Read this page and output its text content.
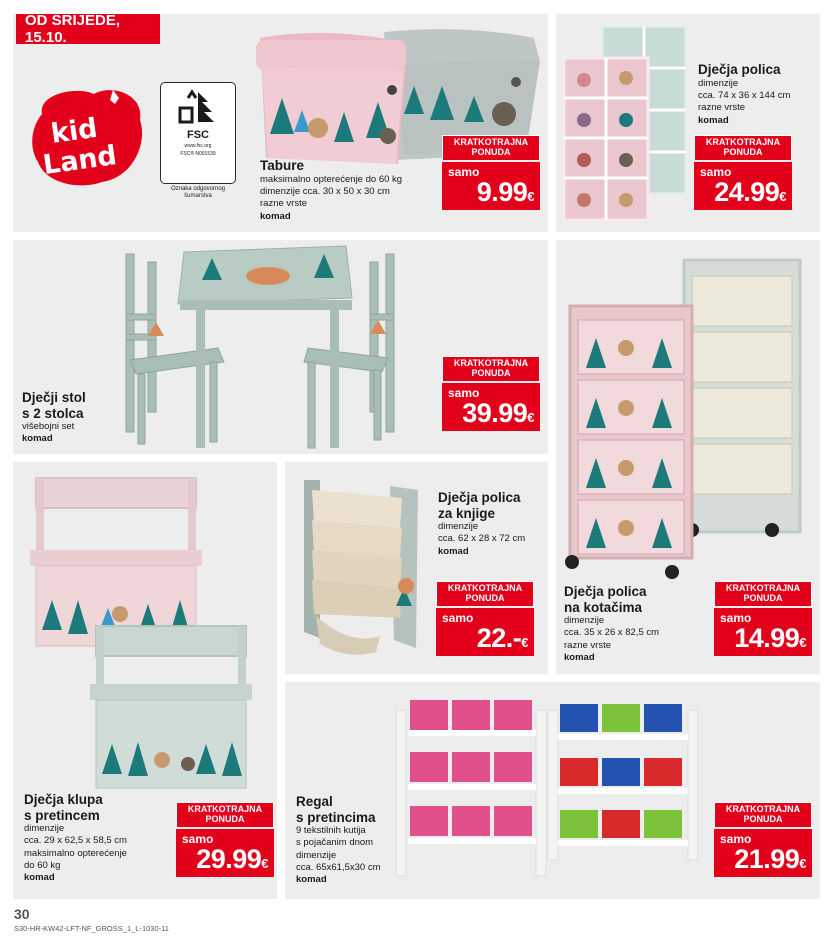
OD SRIJEDE, 15.10.
kid
Land
FSC
www.fsc.org
FSC® N001539
Oznaka odgovornog šumarstva
Tabure
maksimalno opterećenje do 60 kg
dimenzije cca. 30 x 50 x 30 cm
razne vrste
komad
KRATKOTRAJNA
PONUDA
samo
9.99€
Dječja polica
dimenzije
cca. 74 x 36 x 144 cm
razne vrste
komad
KRATKOTRAJNA
PONUDA
samo
24.99€
Dječji stol
s 2 stolca
višebojni set
komad
KRATKOTRAJNA
PONUDA
samo
39.99€
Dječja polica
na kotačima
dimenzije
cca. 35 x 26 x 82,5 cm
razne vrste
komad
KRATKOTRAJNA
PONUDA
samo
14.99€
Dječja polica
za knjige
dimenzije
cca. 62 x 28 x 72 cm
komad
KRATKOTRAJNA
PONUDA
samo
22.-€
Dječja klupa
s pretincem
dimenzije
cca. 29 x 62,5 x 58,5 cm
maksimalno opterećenje
do 60 kg
komad
KRATKOTRAJNA
PONUDA
samo
29.99€
Regal
s pretincima
9 tekstilnih kutija
s pojačanim dnom
dimenzije
cca. 65x61,5x30 cm
komad
KRATKOTRAJNA
PONUDA
samo
21.99€
30
S30-HR-KW42-LFT-NF_GROSS_1_L-1030-11
